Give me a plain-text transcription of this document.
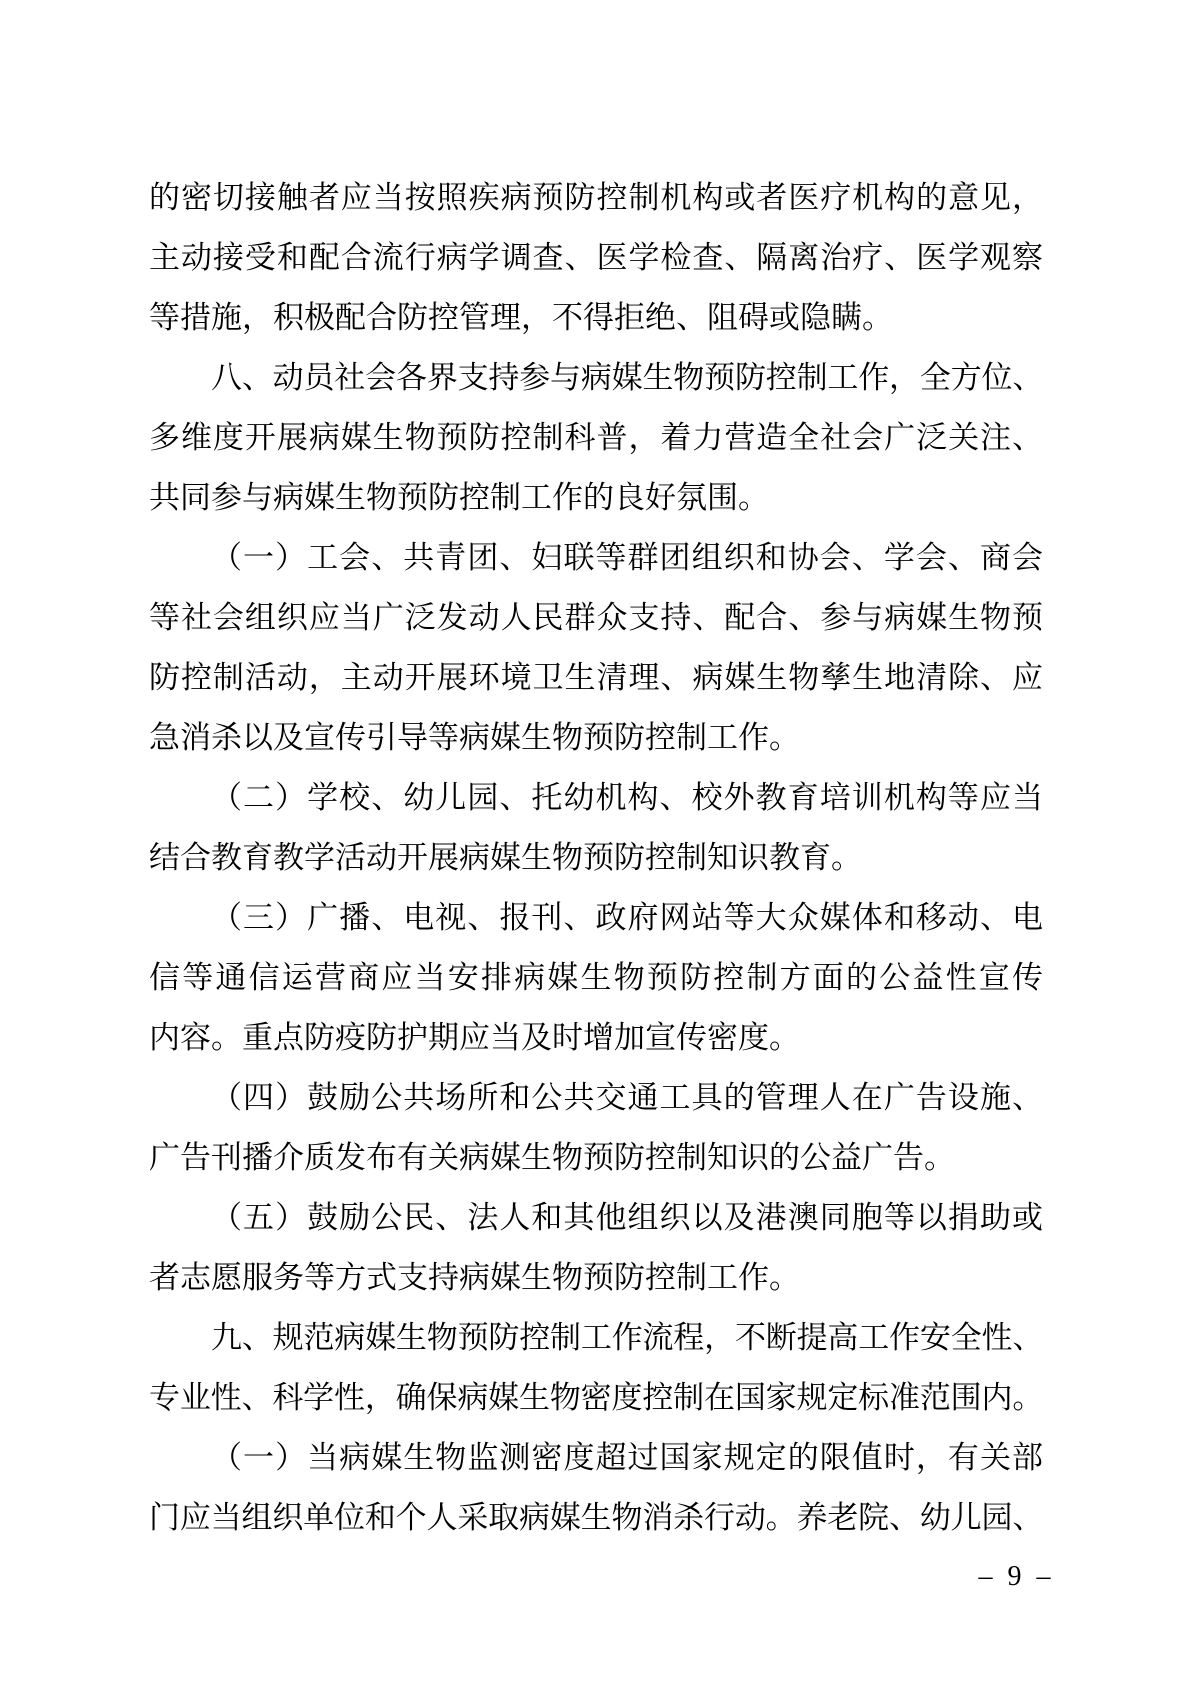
的密切接触者应当按照疾病预防控制机构或者医疗机构的意见，
主动接受和配合流行病学调查、医学检查、隔离治疗、医学观察
等措施，积极配合防控管理，不得拒绝、阻碍或隐瞒。
八、动员社会各界支持参与病媒生物预防控制工作，全方位、
多维度开展病媒生物预防控制科普，着力营造全社会广泛关注、
共同参与病媒生物预防控制工作的良好氛围。
（一）工会、共青团、妇联等群团组织和协会、学会、商会
等社会组织应当广泛发动人民群众支持、配合、参与病媒生物预
防控制活动，主动开展环境卫生清理、病媒生物孳生地清除、应
急消杀以及宣传引导等病媒生物预防控制工作。
（二）学校、幼儿园、托幼机构、校外教育培训机构等应当
结合教育教学活动开展病媒生物预防控制知识教育。
（三）广播、电视、报刊、政府网站等大众媒体和移动、电
信等通信运营商应当安排病媒生物预防控制方面的公益性宣传
内容。重点防疫防护期应当及时增加宣传密度。
（四）鼓励公共场所和公共交通工具的管理人在广告设施、
广告刊播介质发布有关病媒生物预防控制知识的公益广告。
（五）鼓励公民、法人和其他组织以及港澳同胞等以捐助或
者志愿服务等方式支持病媒生物预防控制工作。
九、规范病媒生物预防控制工作流程，不断提高工作安全性、
专业性、科学性，确保病媒生物密度控制在国家规定标准范围内。
（一）当病媒生物监测密度超过国家规定的限值时，有关部
门应当组织单位和个人采取病媒生物消杀行动。养老院、幼儿园、
– 9 –
